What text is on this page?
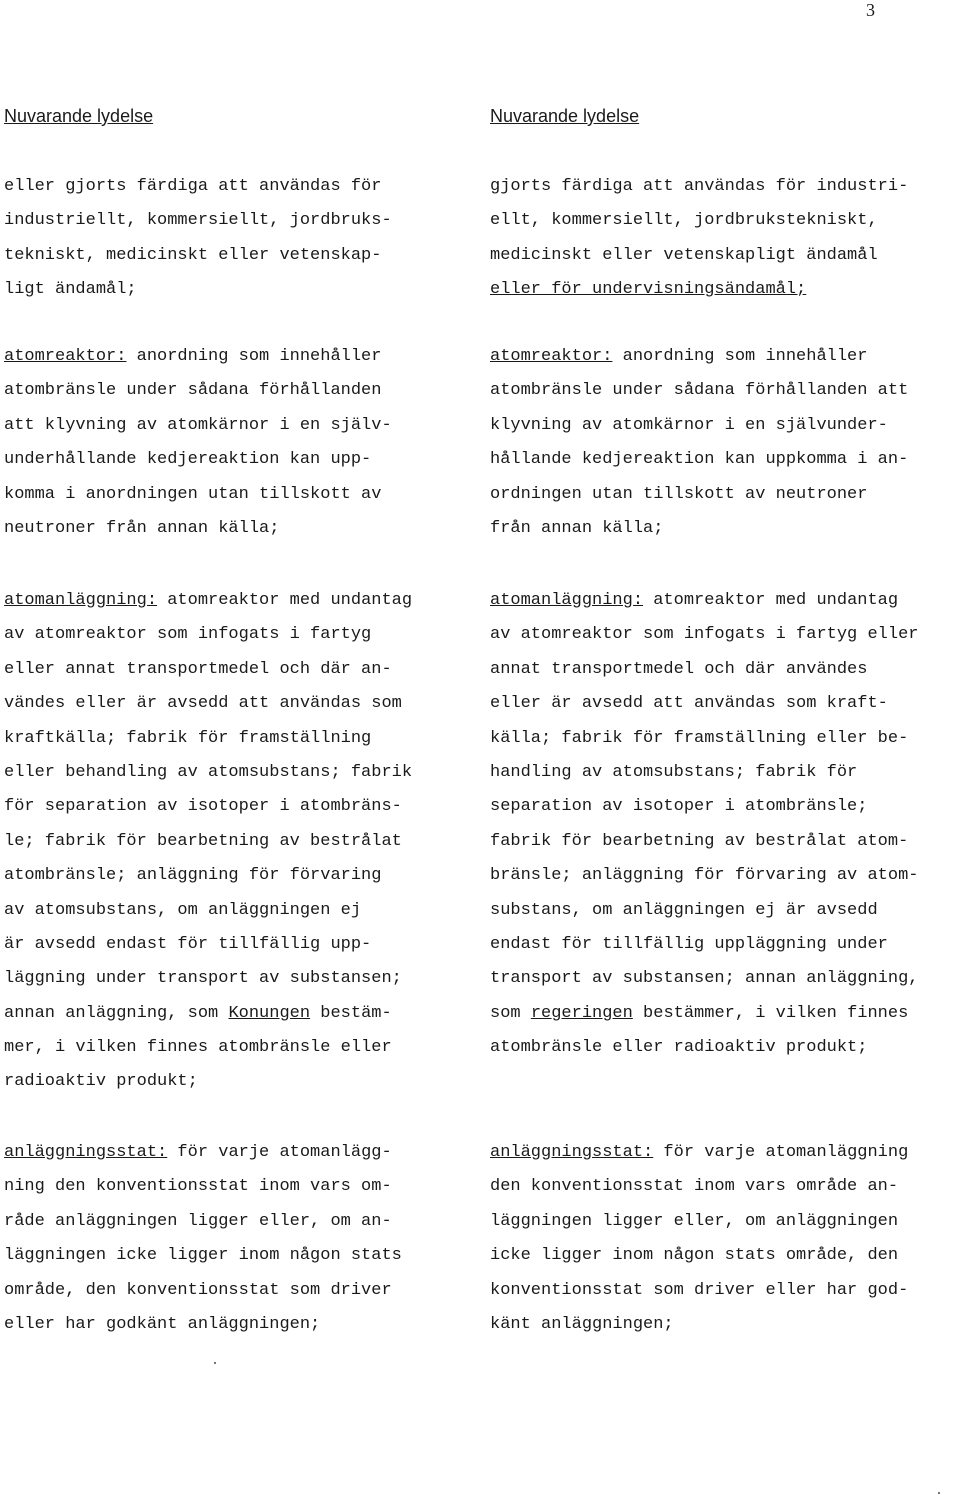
3
Nuvarande lydelse
eller gjorts färdiga att användas för
industriellt, kommersiellt, jordbruks-
tekniskt, medicinskt eller vetenskap-
ligt ändamål;
atomreaktor: anordning som innehåller
atombränsle under sådana förhållanden
att klyvning av atomkärnor i en själv-
underhållande kedjereaktion kan upp-
komma i anordningen utan tillskott av
neutroner från annan källa;
atomanläggning: atomreaktor med undantag
av atomreaktor som infogats i fartyg
eller annat transportmedel och där an-
vändes eller är avsedd att användas som
kraftkälla; fabrik för framställning
eller behandling av atomsubstans; fabrik
för separation av isotoper i atombräns-
le; fabrik för bearbetning av bestrålat
atombränsle; anläggning för förvaring
av atomsubstans, om anläggningen ej
är avsedd endast för tillfällig upp-
läggning under transport av substansen;
annan anläggning, som Konungen bestäm-
mer, i vilken finnes atombränsle eller
radioaktiv produkt;
anläggningsstat: för varje atomanlägg-
ning den konventionsstat inom vars om-
råde anläggningen ligger eller, om an-
läggningen icke ligger inom någon stats
område, den konventionsstat som driver
eller har godkänt anläggningen;
Nuvarande lydelse
gjorts färdiga att användas för industri-
ellt, kommersiellt, jordbrukstekniskt,
medicinskt eller vetenskapligt ändamål
eller för undervisningsändamål;
atomreaktor: anordning som innehåller
atombränsle under sådana förhållanden att
klyvning av atomkärnor i en självunder-
hållande kedjereaktion kan uppkomma i an-
ordningen utan tillskott av neutroner
från annan källa;
atomanläggning: atomreaktor med undantag
av atomreaktor som infogats i fartyg eller
annat transportmedel och där användes
eller är avsedd att användas som kraft-
källa; fabrik för framställning eller be-
handling av atomsubstans; fabrik för
separation av isotoper i atombränsle;
fabrik för bearbetning av bestrålat atom-
bränsle; anläggning för förvaring av atom-
substans, om anläggningen ej är avsedd
endast för tillfällig uppläggning under
transport av substansen; annan anläggning,
som regeringen bestämmer, i vilken finnes
atombränsle eller radioaktiv produkt;
anläggningsstat: för varje atomanläggning
den konventionsstat inom vars område an-
läggningen ligger eller, om anläggningen
icke ligger inom någon stats område, den
konventionsstat som driver eller har god-
känt anläggningen;
